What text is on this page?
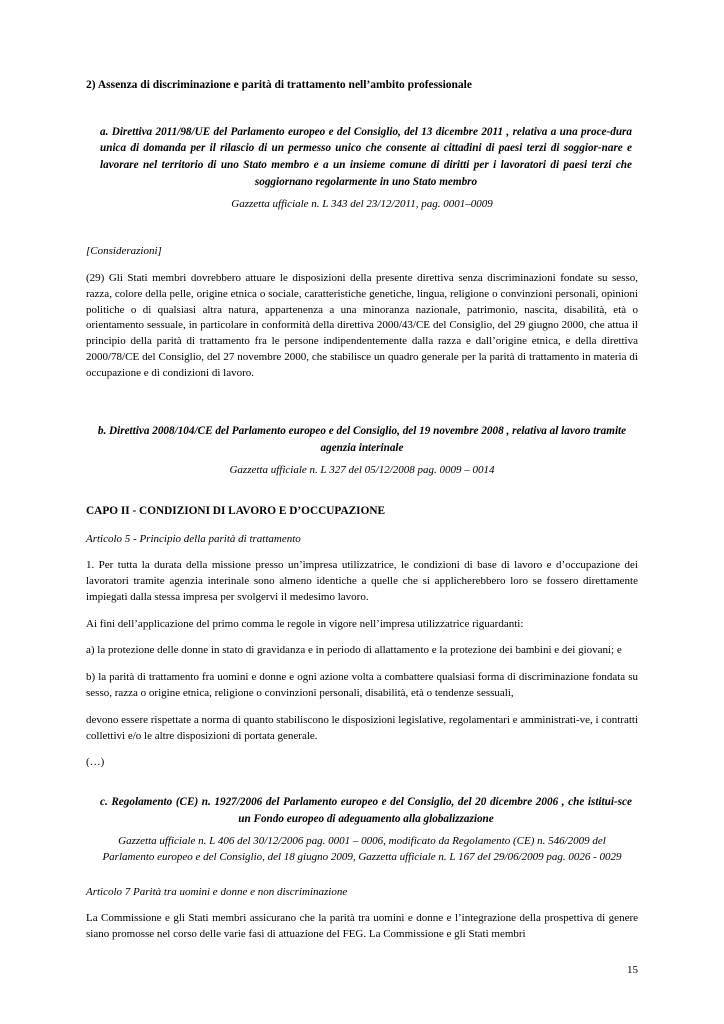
2) Assenza di discriminazione e parità di trattamento nell’ambito professionale
a. Direttiva 2011/98/UE del Parlamento europeo e del Consiglio, del 13 dicembre 2011 , relativa a una proce-dura unica di domanda per il rilascio di un permesso unico che consente ai cittadini di paesi terzi di soggior-nare e lavorare nel territorio di uno Stato membro e a un insieme comune di diritti per i lavoratori di paesi terzi che soggiornano regolarmente in uno Stato membro
Gazzetta ufficiale n. L 343 del 23/12/2011, pag. 0001–0009
[Considerazioni]

(29) Gli Stati membri dovrebbero attuare le disposizioni della presente direttiva senza discriminazioni fondate su sesso, razza, colore della pelle, origine etnica o sociale, caratteristiche genetiche, lingua, religione o convinzioni personali, opinioni politiche o di qualsiasi altra natura, appartenenza a una minoranza nazionale, patrimonio, nascita, disabilità, età o orientamento sessuale, in particolare in conformità della direttiva 2000/43/CE del Consiglio, del 29 giugno 2000, che attua il principio della parità di trattamento fra le persone indipendentemente dalla razza e dall’origine etnica, e della direttiva 2000/78/CE del Consiglio, del 27 novembre 2000, che stabilisce un quadro generale per la parità di trattamento in materia di occupazione e di condizioni di lavoro.

b. Direttiva 2008/104/CE del Parlamento europeo e del Consiglio, del 19 novembre 2008 , relativa al lavoro tramite agenzia interinale
Gazzetta ufficiale n. L 327 del 05/12/2008 pag. 0009 – 0014
CAPO II - CONDIZIONI DI LAVORO E D’OCCUPAZIONE
Articolo 5 - Principio della parità di trattamento

1. Per tutta la durata della missione presso un’impresa utilizzatrice, le condizioni di base di lavoro e d’occupazione dei lavoratori tramite agenzia interinale sono almeno identiche a quelle che si applicherebbero loro se fossero direttamente impiegati dalla stessa impresa per svolgervi il medesimo lavoro.

Ai fini dell’applicazione del primo comma le regole in vigore nell’impresa utilizzatrice riguardanti:

a) la protezione delle donne in stato di gravidanza e in periodo di allattamento e la protezione dei bambini e dei giovani; e

b) la parità di trattamento fra uomini e donne e ogni azione volta a combattere qualsiasi forma di discriminazione fondata su sesso, razza o origine etnica, religione o convinzioni personali, disabilità, età o tendenze sessuali,

devono essere rispettate a norma di quanto stabiliscono le disposizioni legislative, regolamentari e amministrati-ve, i contratti collettivi e/o le altre disposizioni di portata generale.

(…)
c. Regolamento (CE) n. 1927/2006 del Parlamento europeo e del Consiglio, del 20 dicembre 2006 , che istitui-sce un Fondo europeo di adeguamento alla globalizzazione
Gazzetta ufficiale n. L 406 del 30/12/2006 pag. 0001 – 0006, modificato da Regolamento (CE) n. 546/2009 del Parlamento europeo e del Consiglio, del 18 giugno 2009, Gazzetta ufficiale n. L 167 del 29/06/2009 pag. 0026 - 0029
Articolo 7 Parità tra uomini e donne e non discriminazione

La Commissione e gli Stati membri assicurano che la parità tra uomini e donne e l’integrazione della prospettiva di genere siano promosse nel corso delle varie fasi di attuazione del FEG. La Commissione e gli Stati membri

15
